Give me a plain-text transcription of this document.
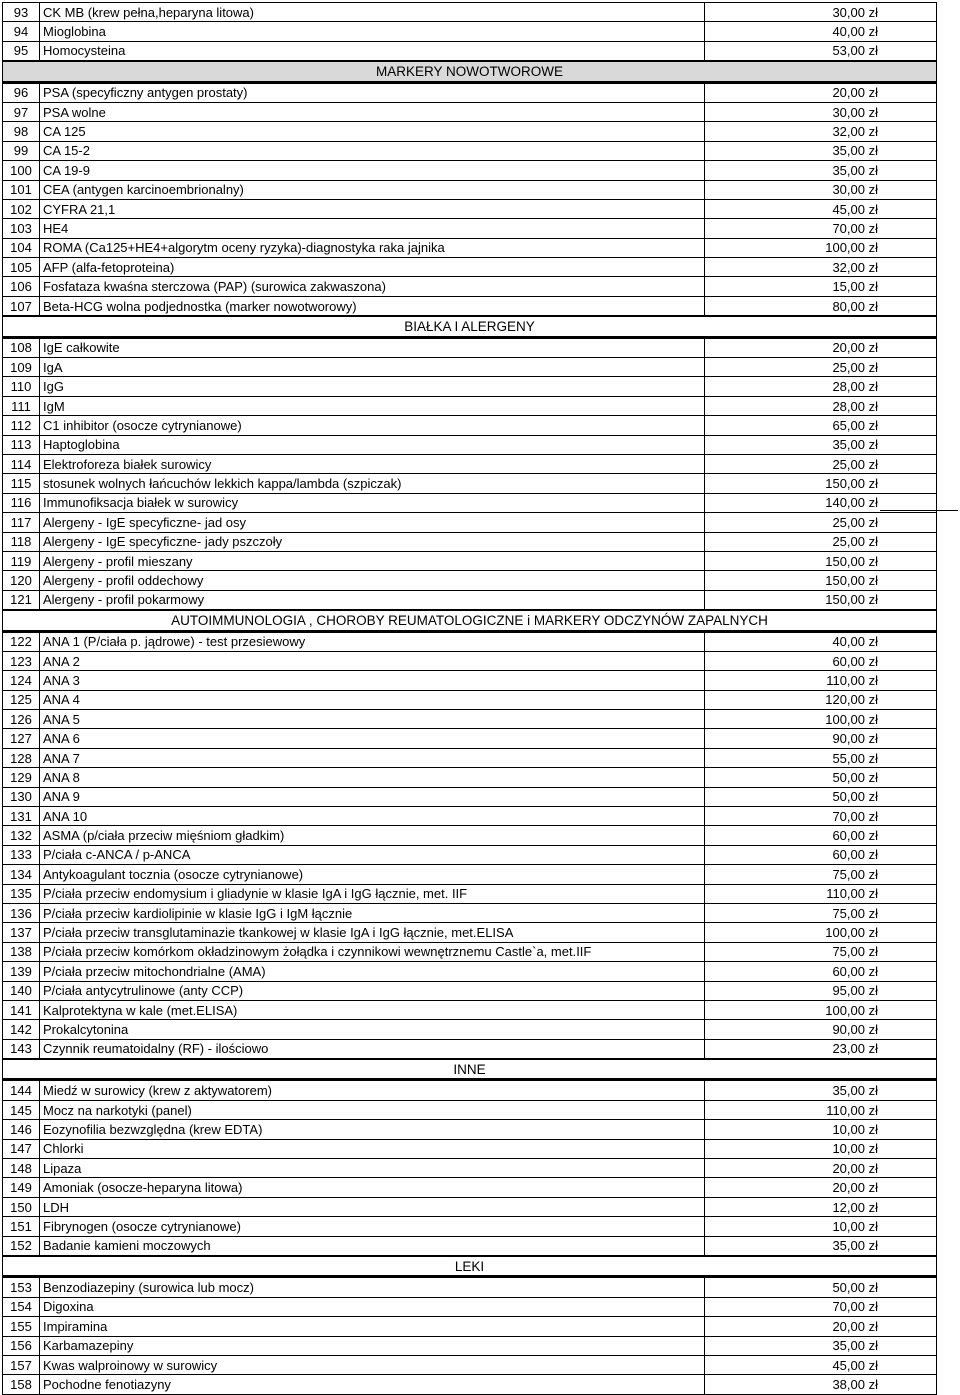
93	CK MB (krew pełna,heparyna litowa)	30,00 zł
94	Mioglobina	40,00 zł
95	Homocysteina	53,00 zł
MARKERY NOWOTWOROWE		
96	PSA (specyficzny antygen prostaty)	20,00 zł
97	PSA wolne	30,00 zł
98	CA 125	32,00 zł
99	CA 15-2	35,00 zł
100	CA 19-9	35,00 zł
101	CEA (antygen karcinoembrionalny)	30,00 zł
102	CYFRA 21,1	45,00 zł
103	HE4	70,00 zł
104	ROMA (Ca125+HE4+algorytm oceny ryzyka)-diagnostyka raka jajnika	100,00 zł
105	AFP (alfa-fetoproteina)	32,00 zł
106	Fosfataza kwaśna sterczowa (PAP) (surowica zakwaszona)	15,00 zł
107	Beta-HCG wolna podjednostka (marker nowotworowy)	80,00 zł
BIAŁKA I ALERGENY		
108	IgE całkowite	20,00 zł
109	IgA	25,00 zł
110	IgG	28,00 zł
111	IgM	28,00 zł
112	C1 inhibitor (osocze cytrynianowe)	65,00 zł
113	Haptoglobina	35,00 zł
114	Elektroforeza białek surowicy	25,00 zł
115	stosunek wolnych łańcuchów lekkich kappa/lambda (szpiczak)	150,00 zł
116	Immunofiksacja białek w surowicy	140,00 zł
117	Alergeny - IgE specyficzne- jad osy	25,00 zł
118	Alergeny - IgE specyficzne- jady pszczoły	25,00 zł
119	Alergeny - profil mieszany	150,00 zł
120	Alergeny - profil oddechowy	150,00 zł
121	Alergeny - profil pokarmowy	150,00 zł
AUTOIMMUNOLOGIA , CHOROBY REUMATOLOGICZNE i MARKERY ODCZYNÓW ZAPALNYCH		
122	ANA 1 (P/ciała p. jądrowe) - test przesiewowy	40,00 zł
123	ANA 2	60,00 zł
124	ANA 3	110,00 zł
125	ANA 4	120,00 zł
126	ANA 5	100,00 zł
127	ANA 6	90,00 zł
128	ANA 7	55,00 zł
129	ANA 8	50,00 zł
130	ANA 9	50,00 zł
131	ANA 10	70,00 zł
132	ASMA (p/ciała przeciw mięśniom gładkim)	60,00 zł
133	P/ciała c-ANCA / p-ANCA	60,00 zł
134	Antykoagulant tocznia (osocze cytrynianowe)	75,00 zł
135	P/ciała przeciw endomysium i gliadynie w klasie IgA i IgG łącznie, met. IIF	110,00 zł
136	P/ciała przeciw kardiolipinie w klasie IgG i IgM łącznie	75,00 zł
137	P/ciała przeciw transglutaminazie tkankowej w klasie IgA i IgG łącznie, met.ELISA	100,00 zł
138	P/ciała przeciw komórkom okładzinowym żołądka i czynnikowi wewnętrznemu Castle`a, met.IIF	75,00 zł
139	P/ciała przeciw mitochondrialne (AMA)	60,00 zł
140	P/ciała antycytrulinowe (anty CCP)	95,00 zł
141	Kalprotektyna w kale (met.ELISA)	100,00 zł
142	Prokalcytonina	90,00 zł
143	Czynnik reumatoidalny (RF) - ilościowo	23,00 zł
INNE		
144	Miedź w surowicy (krew z aktywatorem)	35,00 zł
145	Mocz na narkotyki (panel)	110,00 zł
146	Eozynofilia bezwzględna (krew EDTA)	10,00 zł
147	Chlorki	10,00 zł
148	Lipaza	20,00 zł
149	Amoniak (osocze-heparyna litowa)	20,00 zł
150	LDH	12,00 zł
151	Fibrynogen (osocze cytrynianowe)	10,00 zł
152	Badanie kamieni moczowych	35,00 zł
LEKI		
153	Benzodiazepiny (surowica lub mocz)	50,00 zł
154	Digoxina	70,00 zł
155	Impiramina	20,00 zł
156	Karbamazepiny	35,00 zł
157	Kwas walproinowy w surowicy	45,00 zł
158	Pochodne fenotiazyny	38,00 zł
